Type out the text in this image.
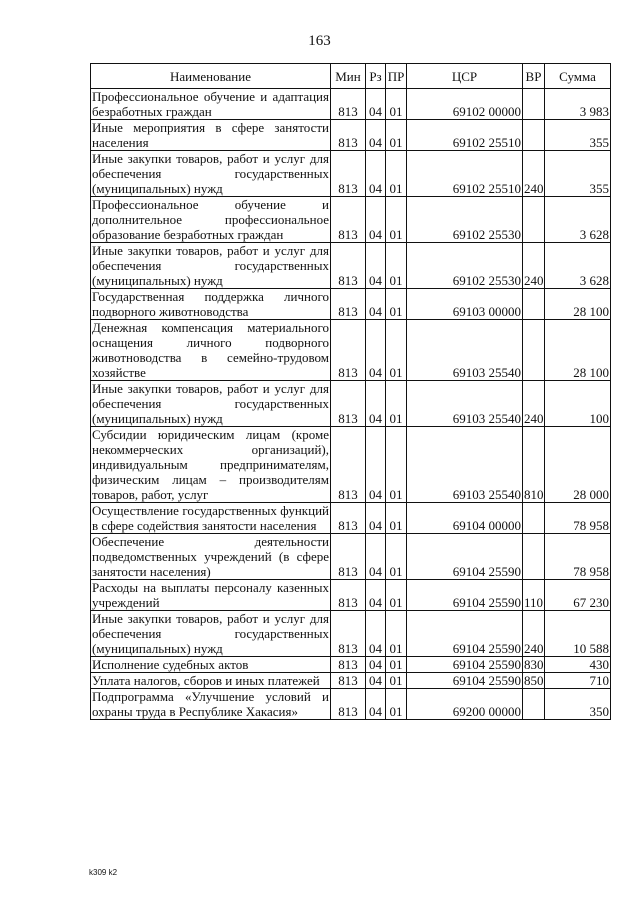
163
Наименование	Мин	Рз	ПР	ЦСР	ВР	Сумма
Профессиональное обучение и адаптация безработных граждан	813	04	01	69102 00000		3 983
Иные мероприятия в сфере занятости населения	813	04	01	69102 25510		355
Иные закупки товаров, работ и услуг для обеспечения государственных (муниципальных) нужд	813	04	01	69102 25510	240	355
Профессиональное обучение и дополнительное профессиональное образование безработных граждан	813	04	01	69102 25530		3 628
Иные закупки товаров, работ и услуг для обеспечения государственных (муниципальных) нужд	813	04	01	69102 25530	240	3 628
Государственная поддержка личного подворного животноводства	813	04	01	69103 00000		28 100
Денежная компенсация материального оснащения личного подворного животноводства в семейно-трудовом хозяйстве	813	04	01	69103 25540		28 100
Иные закупки товаров, работ и услуг для обеспечения государственных (муниципальных) нужд	813	04	01	69103 25540	240	100
Субсидии юридическим лицам (кроме некоммерческих организаций), индивидуальным предпринимателям, физическим лицам – производителям товаров, работ, услуг	813	04	01	69103 25540	810	28 000
Осуществление государственных функций в сфере содействия занятости населения	813	04	01	69104 00000		78 958
Обеспечение деятельности подведомственных учреждений (в сфере занятости населения)	813	04	01	69104 25590		78 958
Расходы на выплаты персоналу казенных учреждений	813	04	01	69104 25590	110	67 230
Иные закупки товаров, работ и услуг для обеспечения государственных (муниципальных) нужд	813	04	01	69104 25590	240	10 588
Исполнение судебных актов	813	04	01	69104 25590	830	430
Уплата налогов, сборов и иных платежей	813	04	01	69104 25590	850	710
Подпрограмма «Улучшение условий и охраны труда в Республике Хакасия»	813	04	01	69200 00000		350
k309 k2
